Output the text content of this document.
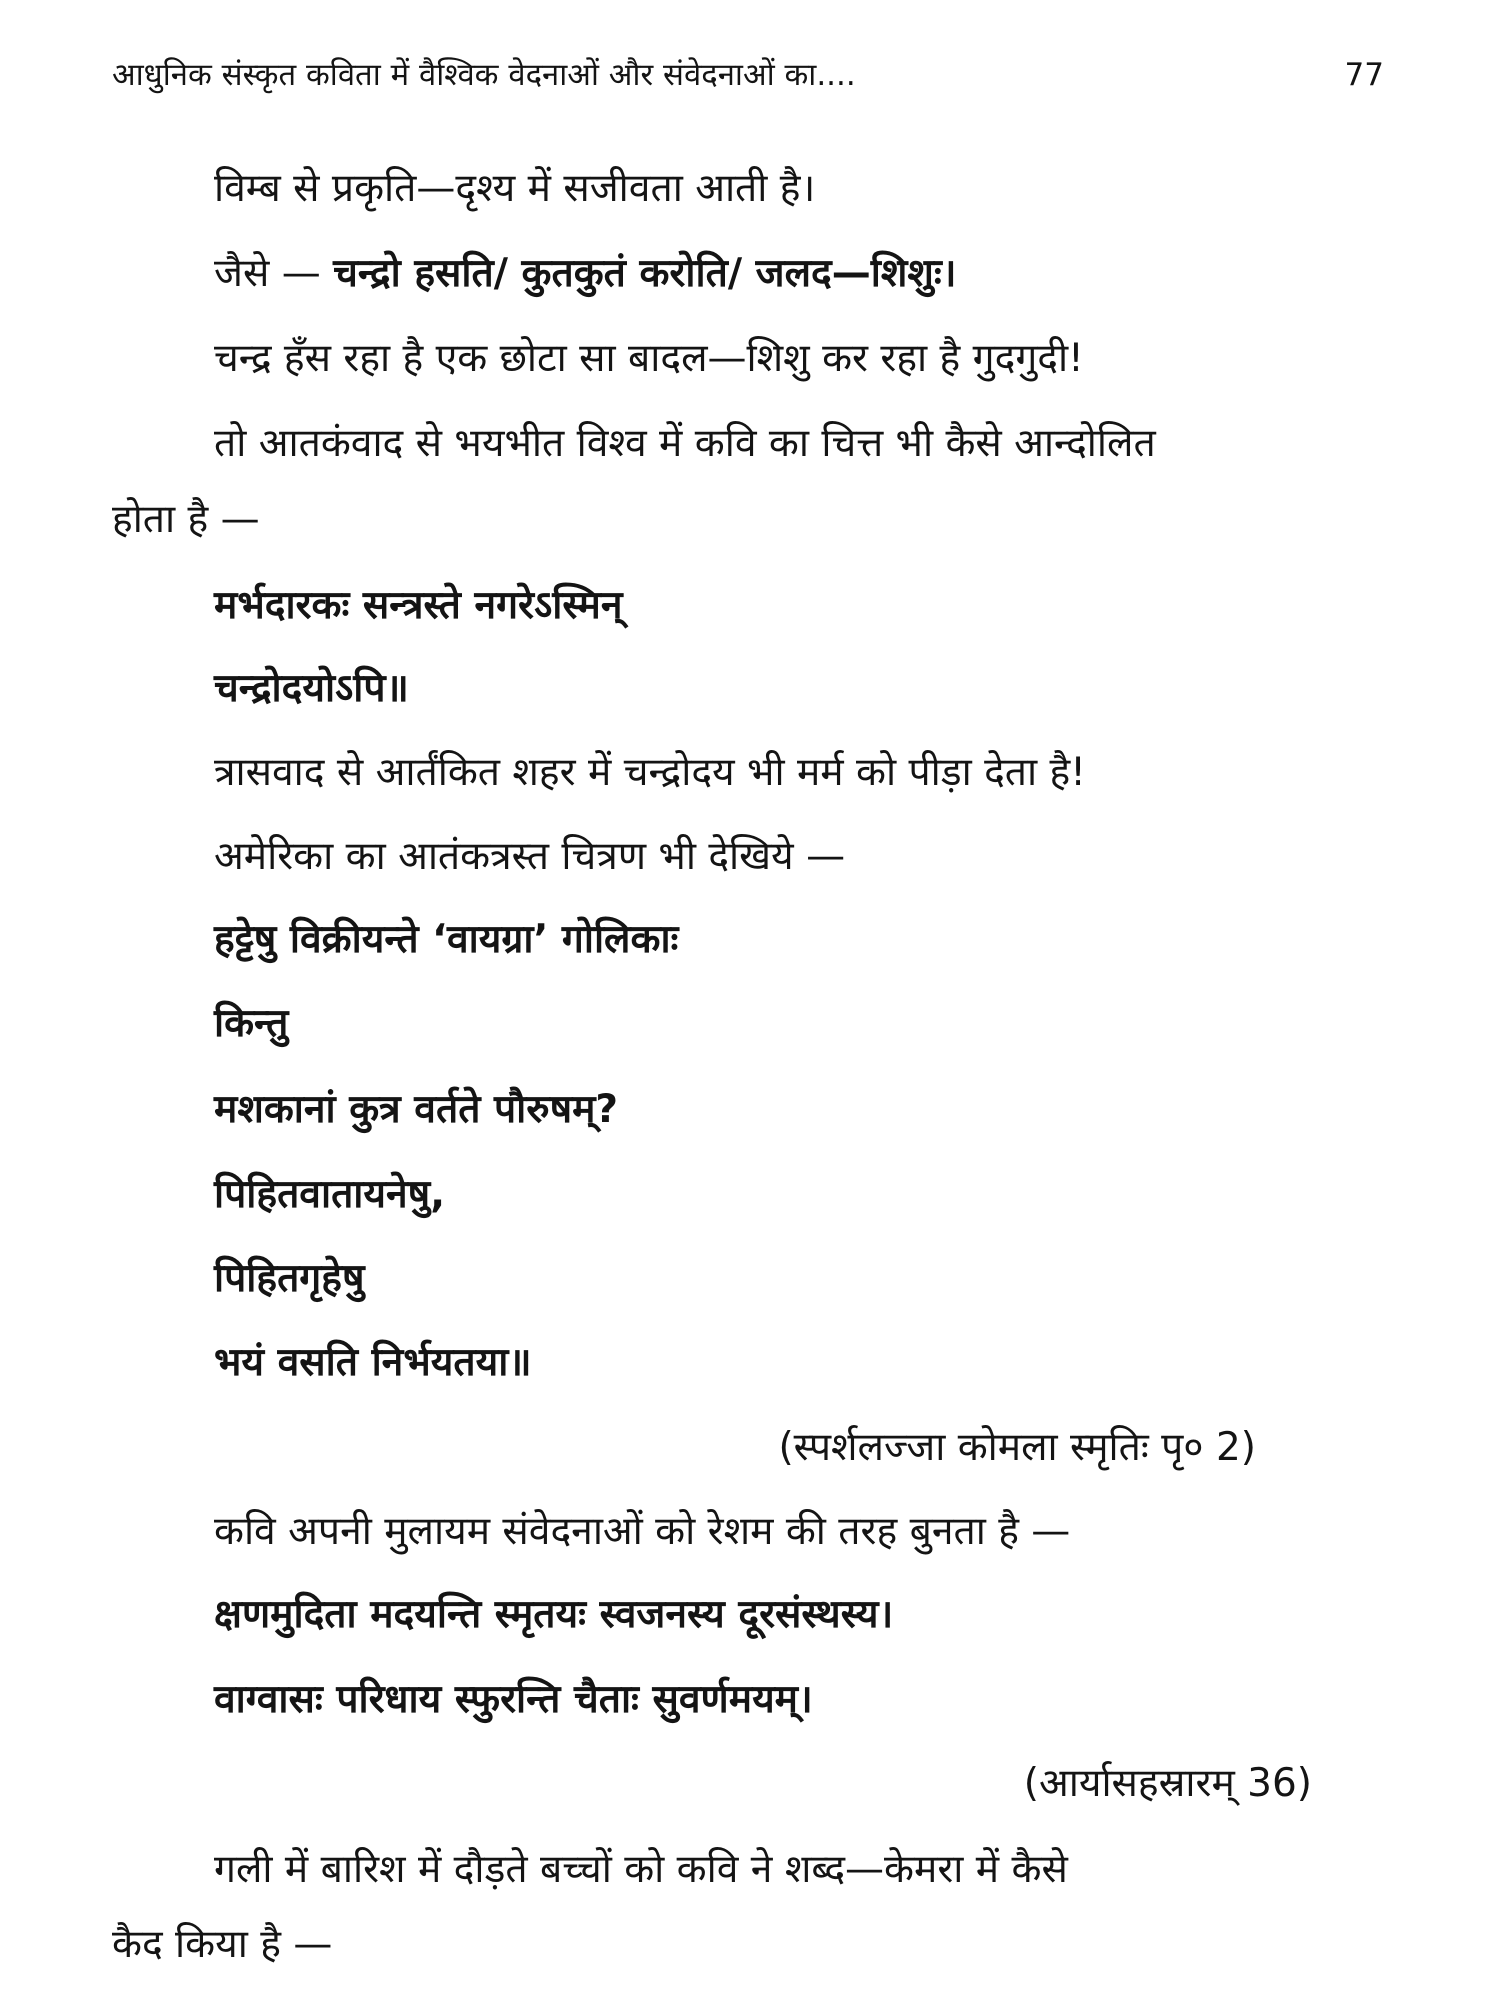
आधुनिक संस्कृत कविता में वैश्विक वेदनाओं और संवेदनाओं का....	77
विम्ब से प्रकृति—दृश्य में सजीवता आती है।
जैसे — चन्द्रो हसति/ कुतकुतं करोति/ जलद—शिशुः।
चन्द्र हँस रहा है एक छोटा सा बादल—शिशु कर रहा है गुदगुदी!
तो आतकंवाद से भयभीत विश्व में कवि का चित्त भी कैसे आन्दोलित
होता है —
मर्भदारकः सन्त्रस्ते नगरेऽस्मिन्
चन्द्रोदयोऽपि॥
त्रासवाद से आर्तंकित शहर में चन्द्रोदय भी मर्म को पीड़ा देता है!
अमेरिका का आतंकत्रस्त चित्रण भी देखिये —
हट्टेषु विक्रीयन्ते ‘वायग्रा’ गोलिकाः
किन्तु
मशकानां कुत्र वर्तते पौरुषम्?
पिहितवातायनेषु,
पिहितगृहेषु
भयं वसति निर्भयतया॥
(स्पर्शलज्जा कोमला स्मृतिः पृ० 2)
कवि अपनी मुलायम संवेदनाओं को रेशम की तरह बुनता है —
क्षणमुदिता मदयन्ति स्मृतयः स्वजनस्य दूरसंस्थस्य।
वाग्वासः परिधाय स्फुरन्ति चैताः सुवर्णमयम्।
(आर्यासहस्रारम् 36)
गली में बारिश में दौड़ते बच्चों को कवि ने शब्द—केमरा में कैसे
कैद किया है —
